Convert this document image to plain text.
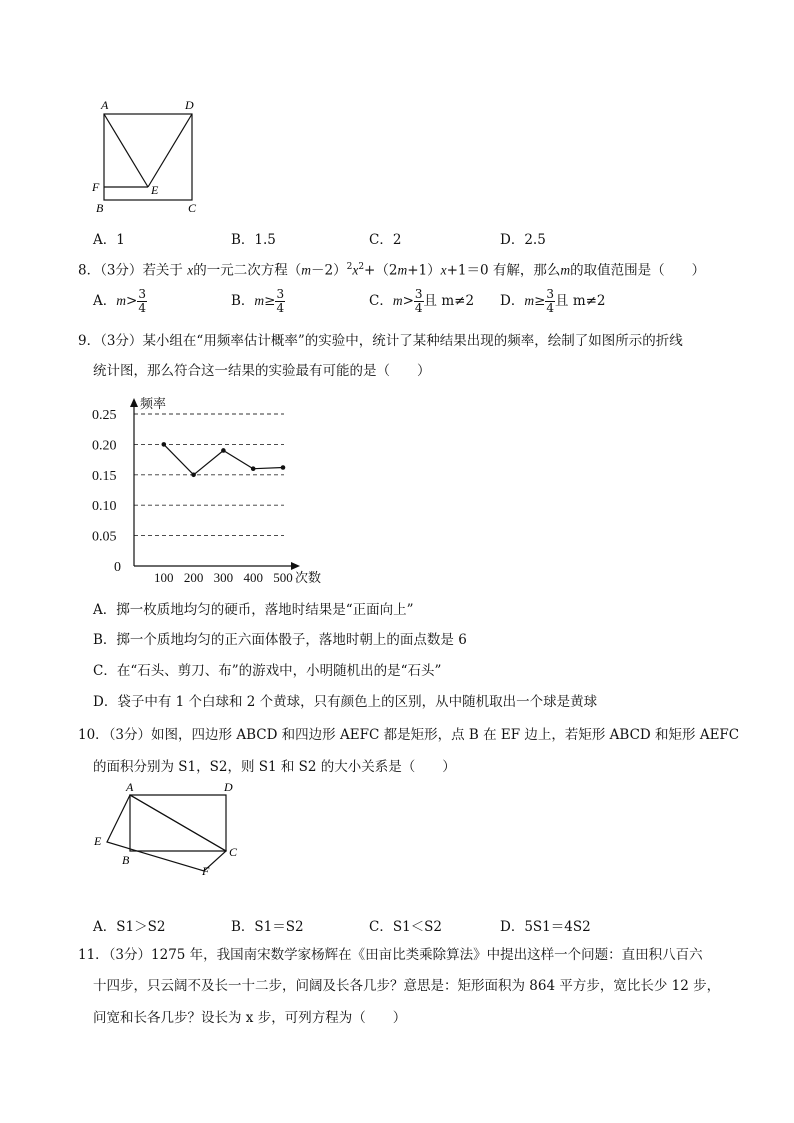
A	D
F	E
B	C
A．1	B．1.5	C．2	D．2.5
8．（3分）若关于 x的一元二次方程$(m-2)^2x^2+(2m+1)x+1=0$ 有解，那么m的取值范围是（　　）
A．$m> \frac{3}{4}$	B．$m\ge \frac{3}{4}$	C．$m> \frac{3}{4}$ 且 m≠2 D．$m\ge \frac{3}{4}$ 且 m≠2
9．（3分）某小组在“用频率估计概率”的实验中，统计了某种结果出现的频率，绘制了如图所示的折线
统计图，那么符合这一结果的实验最有可能的是（　　）
0.25
0.20
0.15
0.10
0.05
0
100 200 300 400 500
频率
次数
A．掷一枚质地均匀的硬币，落地时结果是“正面向上”
B．掷一个质地均匀的正六面体骰子，落地时朝上的面点数是 6
C．在“石头、剪刀、布”的游戏中，小明随机出的是“石头”
D．袋子中有 1 个白球和 2 个黄球，只有颜色上的区别，从中随机取出一个球是黄球
10．（3分）如图，四边形 ABCD 和四边形 AEFC 都是矩形，点 B 在 EF 边上，若矩形 ABCD 和矩形 AEFC
的面积分别为 S1，S2，则 S1 和 S2 的大小关系是（　　）
A	D
E
B
C
F
A．S1＞S2	B．S1＝S2	C．S1＜S2	D．5S1＝4S2
11．（3分）1275 年，我国南宋数学家杨辉在《田亩比类乘除算法》中提出这样一个问题：直田积八百六
十四步，只云阔不及长一十二步，问阔及长各几步？意思是：矩形面积为 864 平方步，宽比长少 12 步，
问宽和长各几步？设长为 x 步，可列方程为（　　）
